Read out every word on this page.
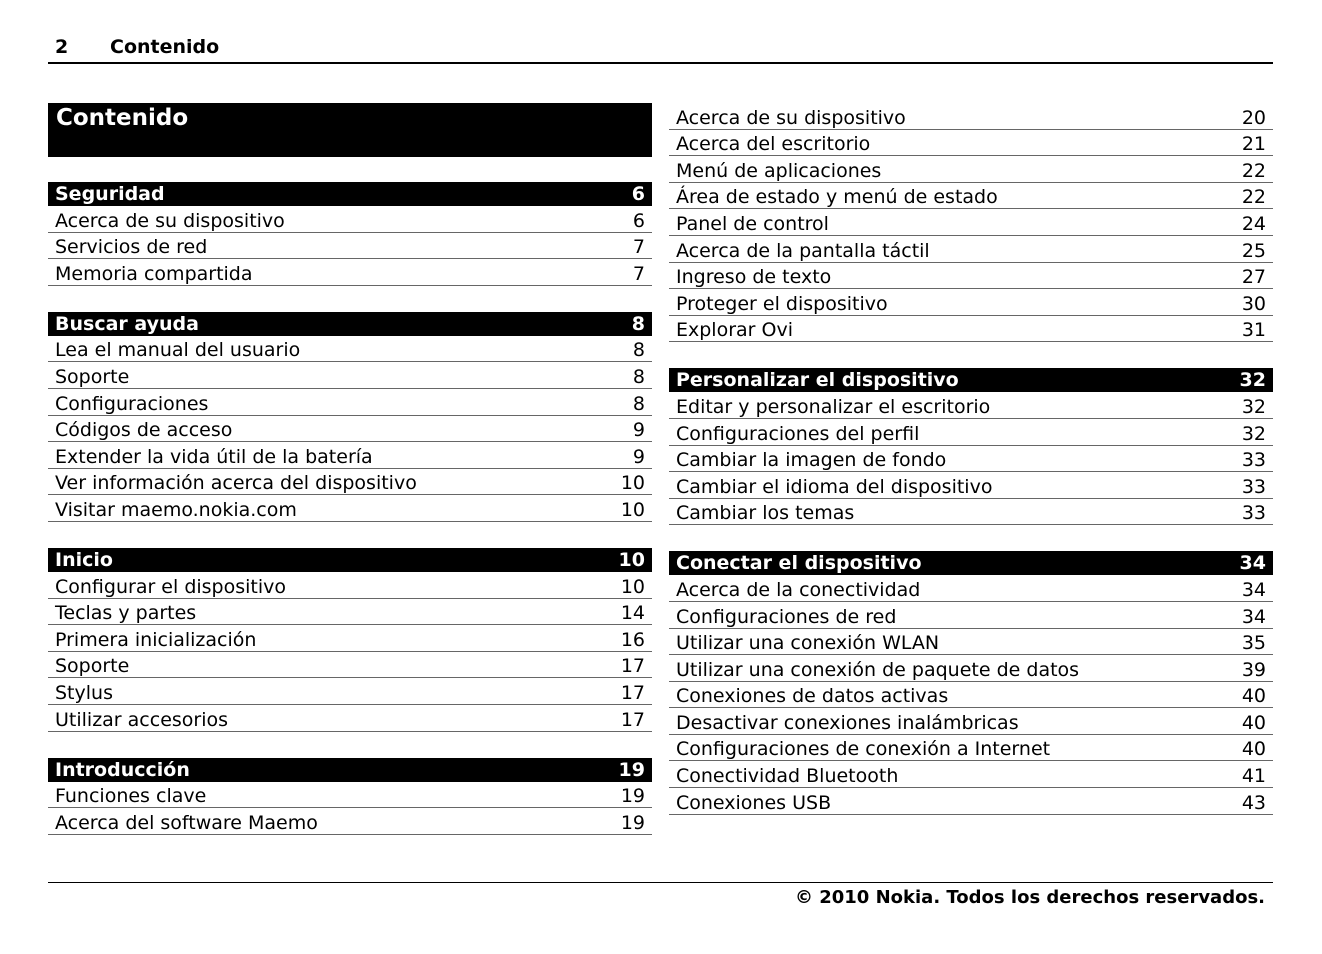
2 Contenido
Contenido
Seguridad	6
Acerca de su dispositivo	6
Servicios de red	7
Memoria compartida	7
Buscar ayuda	8
Lea el manual del usuario	8
Soporte	8
Configuraciones	8
Códigos de acceso	9
Extender la vida útil de la batería	9
Ver información acerca del dispositivo	10
Visitar maemo.nokia.com	10
Inicio	10
Configurar el dispositivo	10
Teclas y partes	14
Primera inicialización	16
Soporte	17
Stylus	17
Utilizar accesorios	17
Introducción	19
Funciones clave	19
Acerca del software Maemo	19
Acerca de su dispositivo	20
Acerca del escritorio	21
Menú de aplicaciones	22
Área de estado y menú de estado	22
Panel de control	24
Acerca de la pantalla táctil	25
Ingreso de texto	27
Proteger el dispositivo	30
Explorar Ovi	31
Personalizar el dispositivo	32
Editar y personalizar el escritorio	32
Configuraciones del perfil	32
Cambiar la imagen de fondo	33
Cambiar el idioma del dispositivo	33
Cambiar los temas	33
Conectar el dispositivo	34
Acerca de la conectividad	34
Configuraciones de red	34
Utilizar una conexión WLAN	35
Utilizar una conexión de paquete de datos	39
Conexiones de datos activas	40
Desactivar conexiones inalámbricas	40
Configuraciones de conexión a Internet	40
Conectividad Bluetooth	41
Conexiones USB	43
© 2010 Nokia. Todos los derechos reservados.
